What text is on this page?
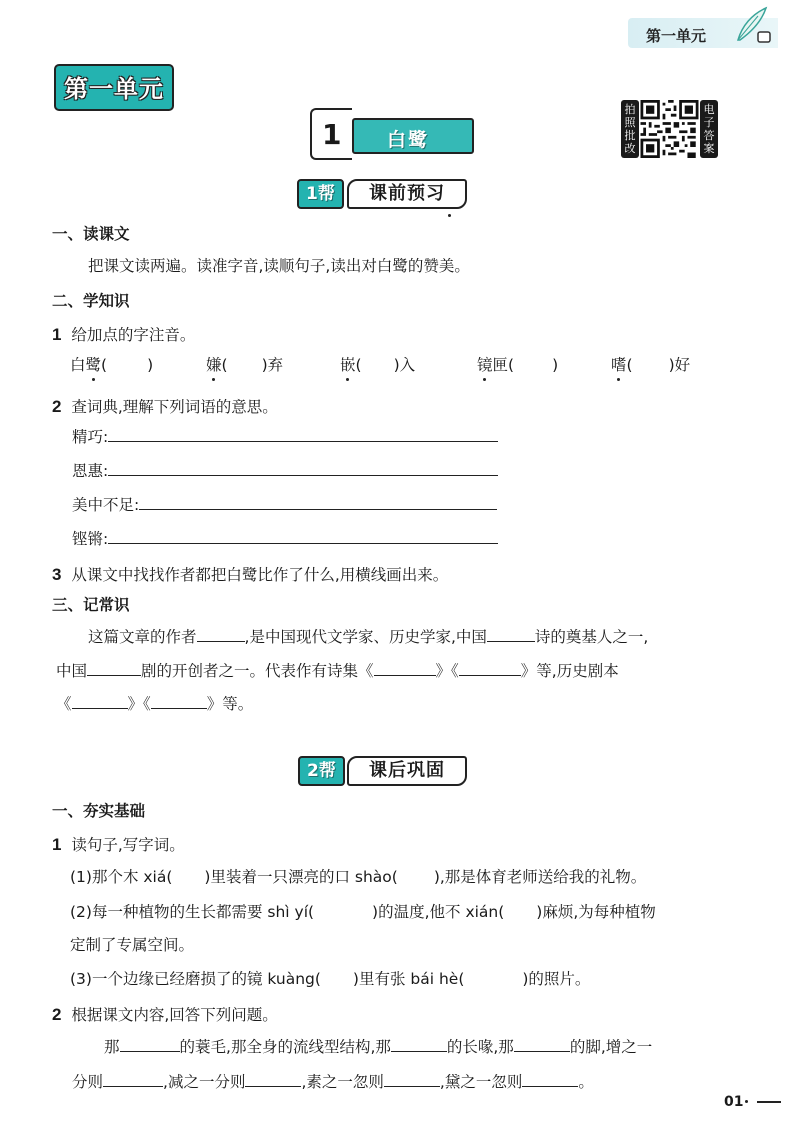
第一单元
第一单元
1 白鹭
拍照批改
电子答案
1帮	课前预习
一、读课文
把课文读两遍。读准字音,读顺句子,读出对白鹭的赞美。
二、学知识
1 给加点的字注音。
白鹭(	)	嫌( )弃	嵌( )入	镜匣( )	嗜( )好
2 查词典,理解下列词语的意思。
精巧:
恩惠:
美中不足:
铿锵:
3 从课文中找找作者都把白鹭比作了什么,用横线画出来。
三、记常识
这篇文章的作者	,是中国现代文学家、历史学家,中国	诗的奠基人之一,
中国	剧的开创者之一。代表作有诗集《	》《	》等,历史剧本
《	》《	》等。
2帮	课后巩固
一、夯实基础
1 读句子,写字词。
(1)那个木 xiá( )里装着一只漂亮的口 shào( ),那是体育老师送给我的礼物。
(2)每一种植物的生长都需要 shì yí(	)的温度,他不 xián( )麻烦,为每种植物
定制了专属空间。
(3)一个边缘已经磨损了的镜 kuàng( )里有张 bái hè(	)的照片。
2 根据课文内容,回答下列问题。
那	的蓑毛,那全身的流线型结构,那	的长喙,那	的脚,增之一
分则	,减之一分则	,素之一忽则	,黛之一忽则	。
01
